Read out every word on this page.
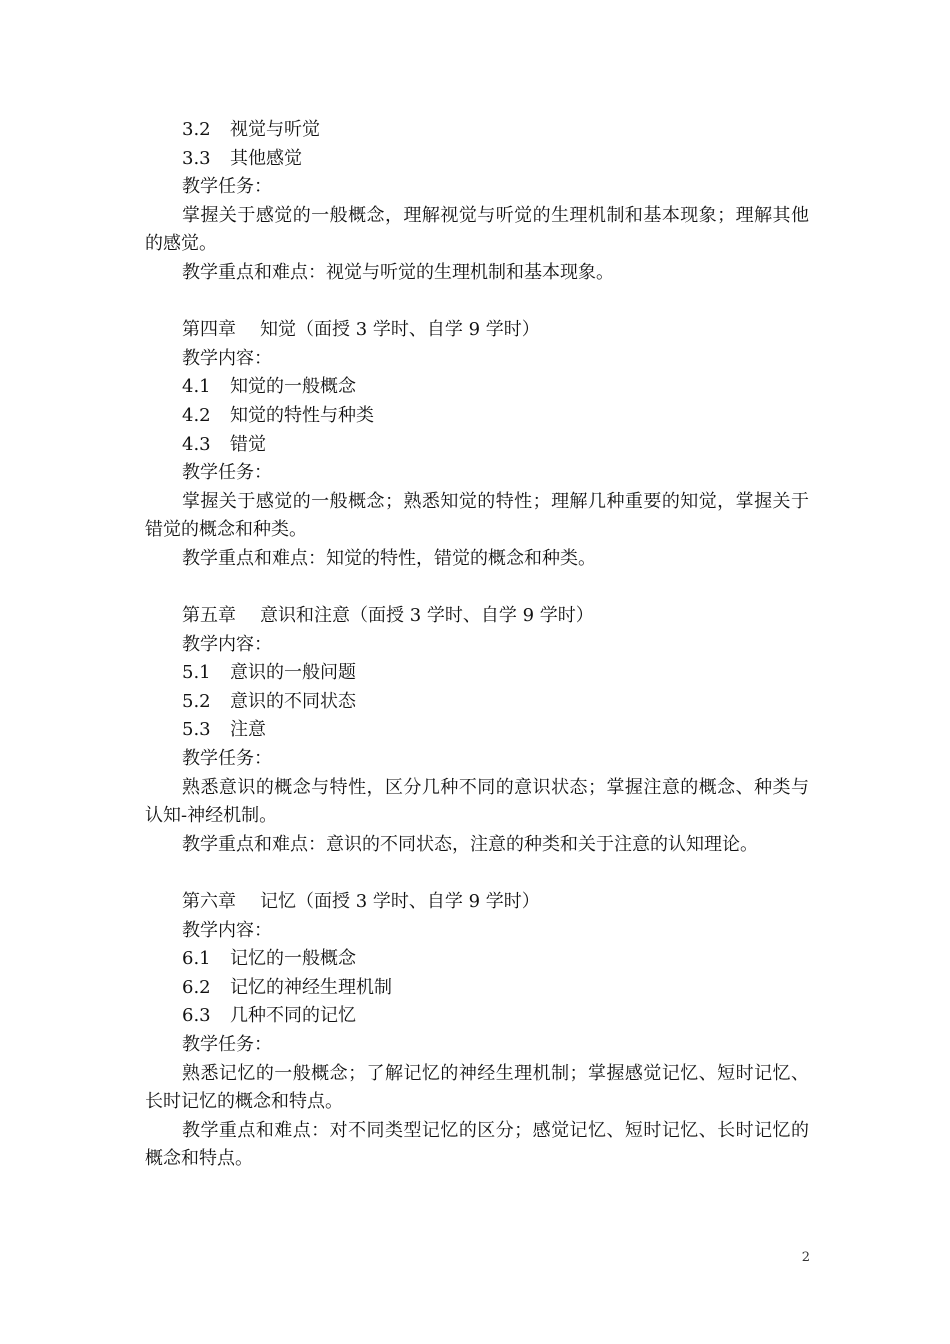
3.2 视觉与听觉

3.3 其他感觉

教学任务：

掌握关于感觉的一般概念，理解视觉与听觉的生理机制和基本现象；理解其他的感觉。

教学重点和难点：视觉与听觉的生理机制和基本现象。

第四章 知觉（面授 3 学时、自学 9 学时）

教学内容：

4.1 知觉的一般概念

4.2 知觉的特性与种类

4.3 错觉

教学任务：

掌握关于感觉的一般概念；熟悉知觉的特性；理解几种重要的知觉，掌握关于错觉的概念和种类。

教学重点和难点：知觉的特性，错觉的概念和种类。

第五章 意识和注意（面授 3 学时、自学 9 学时）

教学内容：

5.1 意识的一般问题

5.2 意识的不同状态

5.3 注意

教学任务：

熟悉意识的概念与特性，区分几种不同的意识状态；掌握注意的概念、种类与认知-神经机制。

教学重点和难点：意识的不同状态，注意的种类和关于注意的认知理论。

第六章 记忆（面授 3 学时、自学 9 学时）

教学内容：

6.1 记忆的一般概念

6.2 记忆的神经生理机制

6.3 几种不同的记忆

教学任务：

熟悉记忆的一般概念；了解记忆的神经生理机制；掌握感觉记忆、短时记忆、长时记忆的概念和特点。

教学重点和难点：对不同类型记忆的区分；感觉记忆、短时记忆、长时记忆的概念和特点。

2
